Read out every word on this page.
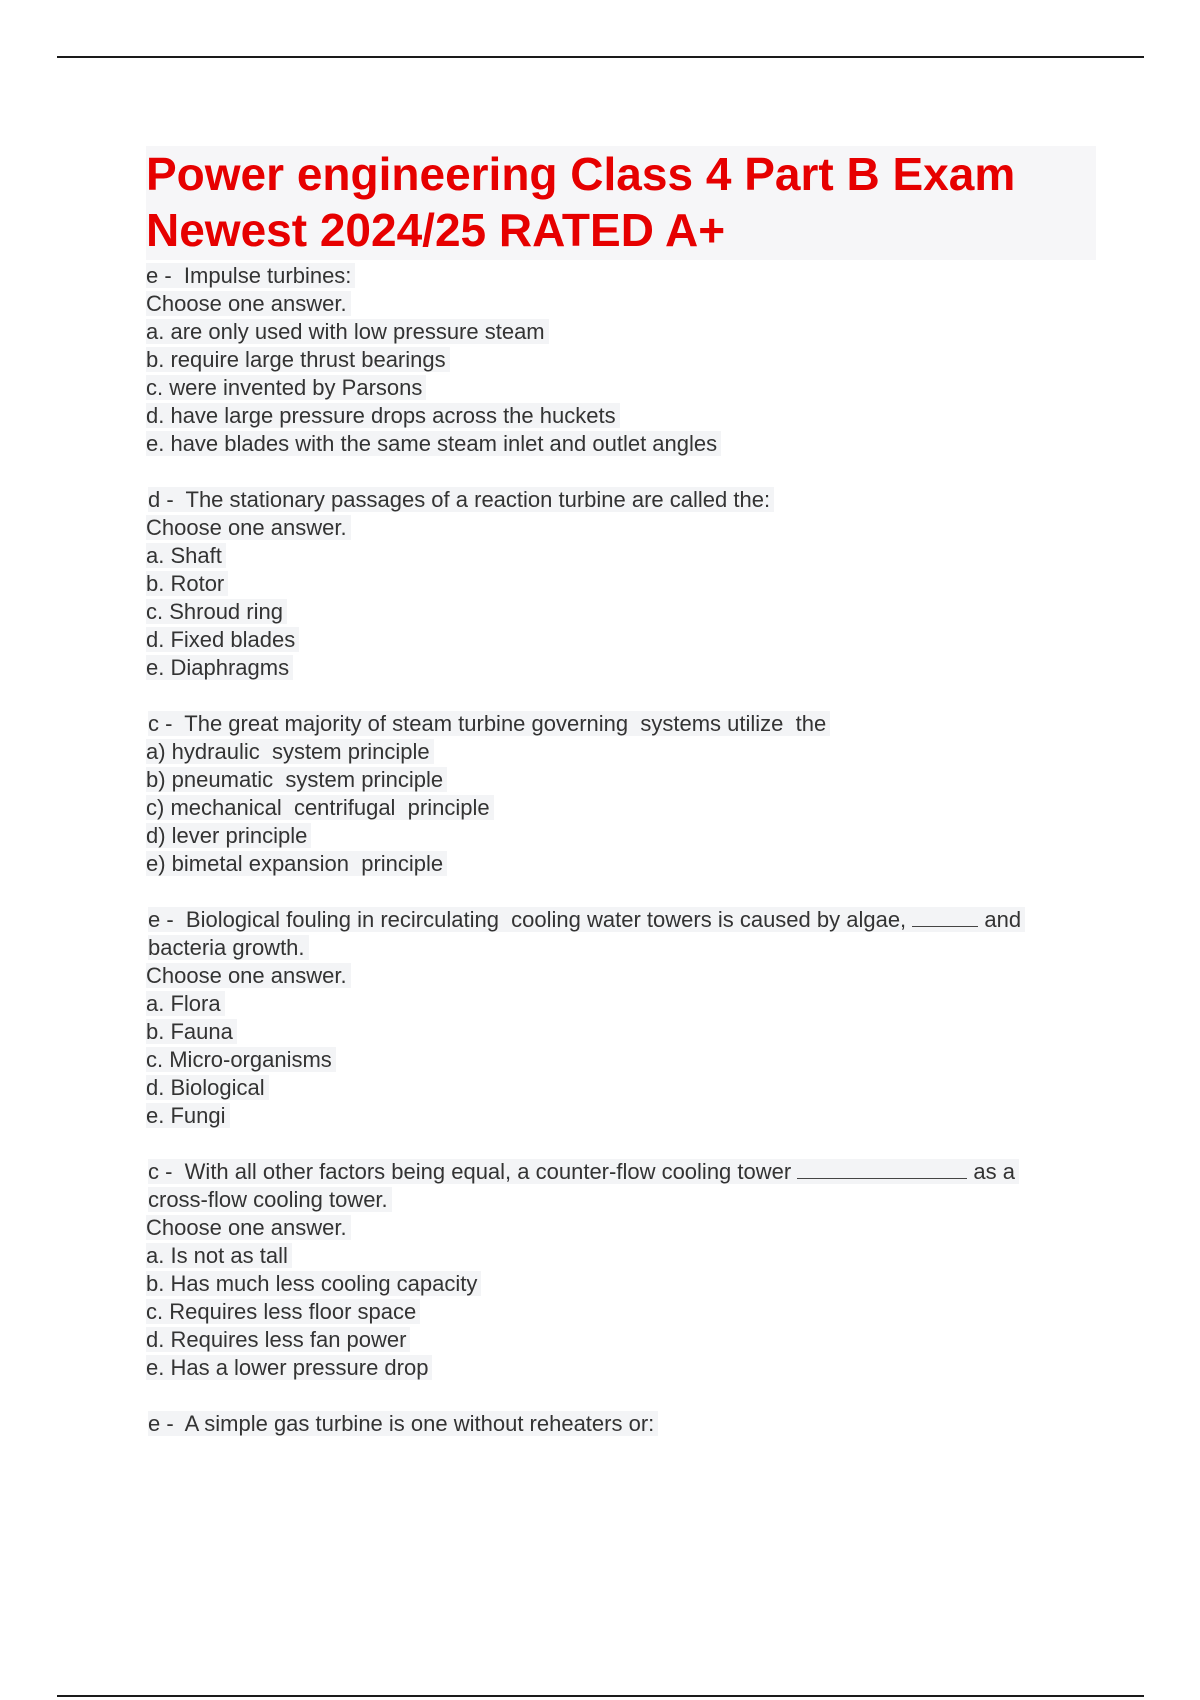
Power engineering Class 4 Part B Exam
Newest 2024/25 RATED A+
e -  Impulse turbines:
Choose one answer.
a. are only used with low pressure steam
b. require large thrust bearings
c. were invented by Parsons
d. have large pressure drops across the huckets
e. have blades with the same steam inlet and outlet angles
d -  The stationary passages of a reaction turbine are called the:
Choose one answer.
a. Shaft
b. Rotor
c. Shroud ring
d. Fixed blades
e. Diaphragms
c -  The great majority of steam turbine governing  systems utilize  the
a) hydraulic  system principle
b) pneumatic  system principle
c) mechanical  centrifugal  principle
d) lever principle
e) bimetal expansion  principle
e -  Biological fouling in recirculating  cooling water towers is caused by algae,	and
bacteria growth.
Choose one answer.
a. Flora
b. Fauna
c. Micro-organisms
d. Biological
e. Fungi
c -  With all other factors being equal, a counter-flow cooling tower	as a
cross-flow cooling tower.
Choose one answer.
a. Is not as tall
b. Has much less cooling capacity
c. Requires less floor space
d. Requires less fan power
e. Has a lower pressure drop
e -  A simple gas turbine is one without reheaters or:
